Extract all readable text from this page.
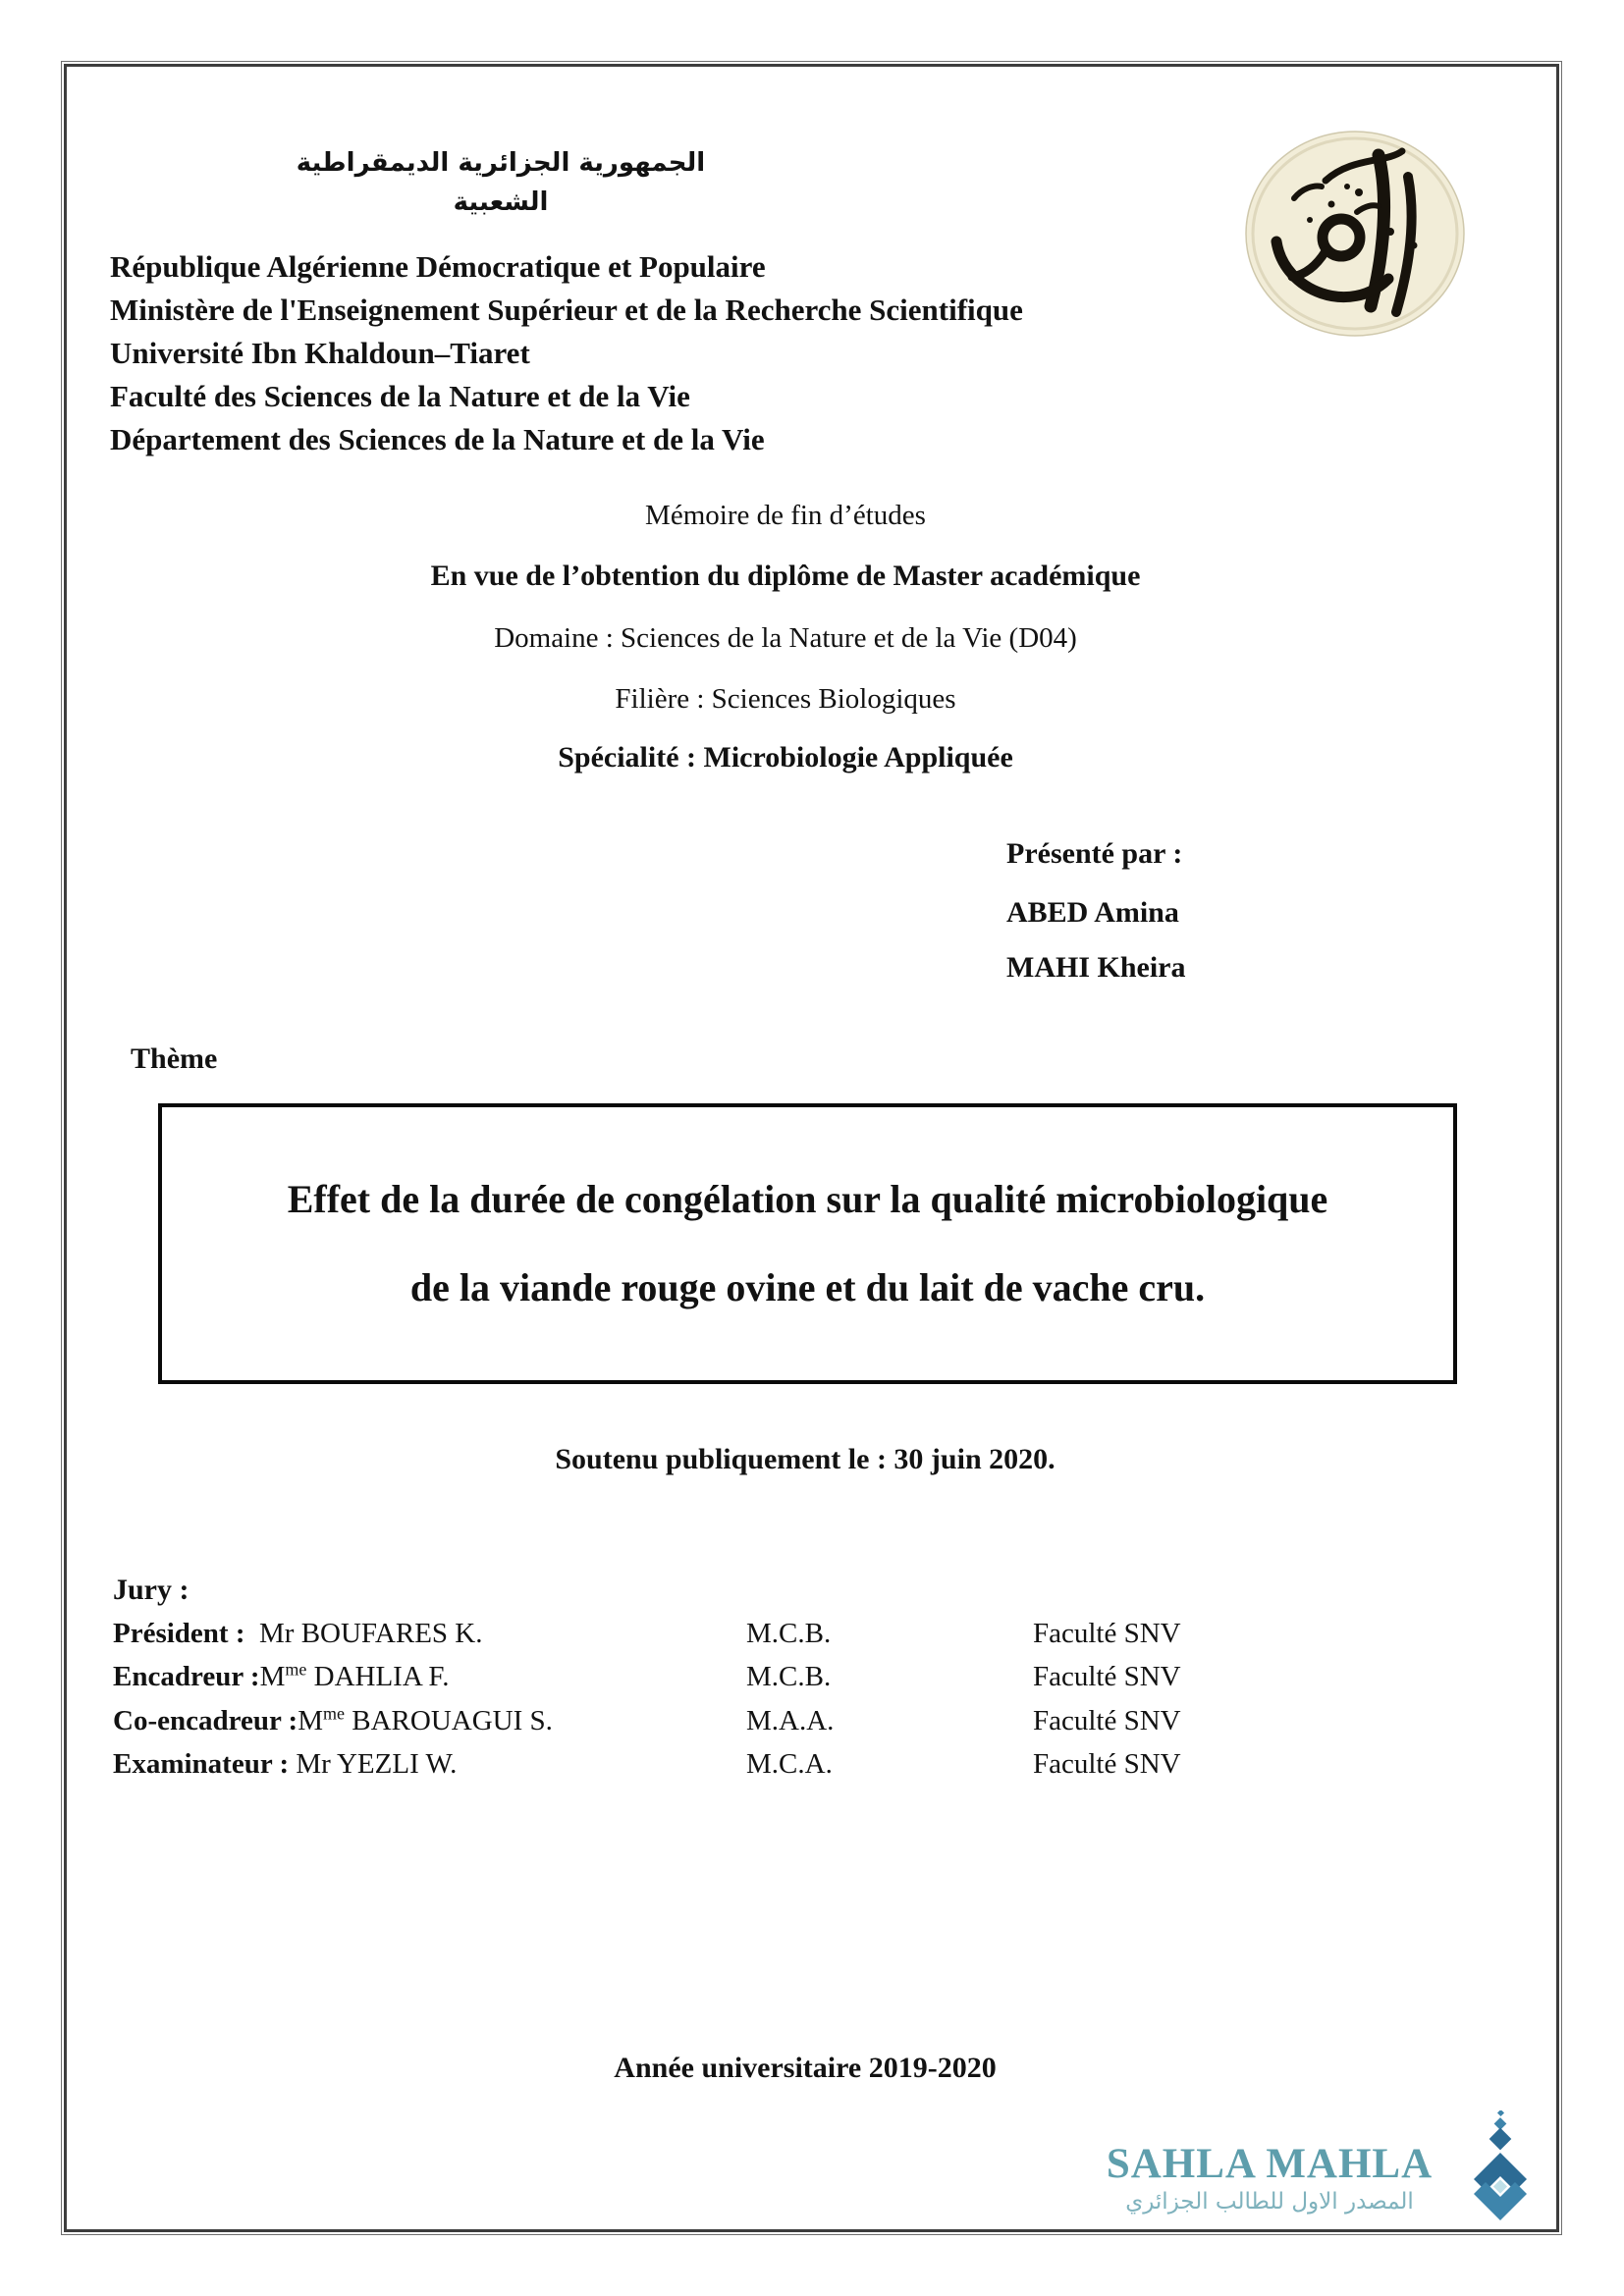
الجمهورية الجزائرية الديمقراطية الشعبية
République Algérienne Démocratique et Populaire
Ministère de l'Enseignement Supérieur et de la Recherche Scientifique
Université Ibn Khaldoun–Tiaret
Faculté des Sciences de la Nature et de la Vie
Département des Sciences de la Nature et de la Vie
Mémoire de fin d’études
En vue de l’obtention du diplôme de Master académique
Domaine : Sciences de la Nature et de la Vie (D04)
Filière : Sciences Biologiques
Spécialité : Microbiologie Appliquée
Présenté par :
ABED Amina
MAHI Kheira
Thème
Effet de la durée de congélation sur la qualité microbiologique
de la viande rouge ovine et du lait de vache cru.
Soutenu publiquement le : 30 juin 2020.
Jury :
Président :  Mr BOUFARES K.	M.C.B.	Faculté SNV
Encadreur $:M^{me}$ DAHLIA F.	M.C.B.	Faculté SNV
Co-encadreur $:M^{me}$ BAROUAGUI S.	M.A.A.	Faculté SNV
Examinateur : Mr YEZLI W.	M.C.A.	Faculté SNV
Année universitaire 2019-2020
SAHLA MAHLA
المصدر الاول للطالب الجزائري
